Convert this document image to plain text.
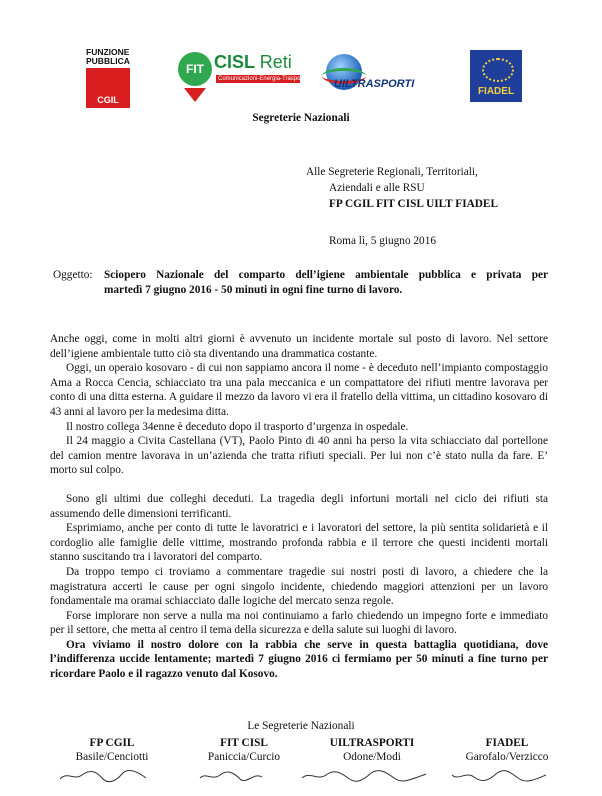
FUNZIONE
PUBBLICA
CGIL
FIT CISL Reti
Comunicazioni-Energia-Trasporti	UILTRASPORTI
FIADEL
Segreterie Nazionali
Alle Segreterie Regionali, Territoriali,
Aziendali e alle RSU
FP CGIL FIT CISL UILT FIADEL
Roma lì, 5 giugno 2016
Oggetto: Sciopero Nazionale del comparto dell’igiene ambientale pubblica e privata per
martedì 7 giugno 2016 - 50 minuti in ogni fine turno di lavoro.

Anche oggi, come in molti altri giorni è avvenuto un incidente mortale sul posto di lavoro. Nel settore dell’igiene ambientale tutto ciò sta diventando una drammatica costante.

Oggi, un operaio kosovaro - di cui non sappiamo ancora il nome - è deceduto nell’impianto compostaggio Ama a Rocca Cencia, schiacciato tra una pala meccanica e un compattatore dei rifiuti mentre lavorava per conto di una ditta esterna. A guidare il mezzo da lavoro vi era il fratello della vittima, un cittadino kosovaro di 43 anni al lavoro per la medesima ditta.

Il nostro collega 34enne è deceduto dopo il trasporto d’urgenza in ospedale.

Il 24 maggio a Civita Castellana (VT), Paolo Pinto di 40 anni ha perso la vita schiacciato dal portellone del camion mentre lavorava in un’azienda che tratta rifiuti speciali. Per lui non c’è stato nulla da fare. E’ morto sul colpo.

Sono gli ultimi due colleghi deceduti. La tragedia degli infortuni mortali nel ciclo dei rifiuti sta assumendo delle dimensioni terrificanti.

Esprimiamo, anche per conto di tutte le lavoratrici e i lavoratori del settore, la più sentita solidarietà e il cordoglio alle famiglie delle vittime, mostrando profonda rabbia e il terrore che questi incidenti mortali stanno suscitando tra i lavoratori del comparto.

Da troppo tempo ci troviamo a commentare tragedie sui nostri posti di lavoro, a chiedere che la magistratura accerti le cause per ogni singolo incidente, chiedendo maggiori attenzioni per un lavoro fondamentale ma oramai schiacciato dalle logiche del mercato senza regole.

Forse implorare non serve a nulla ma noi continuiamo a farlo chiedendo un impegno forte e immediato per il settore, che metta al centro il tema della sicurezza e della salute sui luoghi di lavoro.

Ora viviamo il nostro dolore con la rabbia che serve in questa battaglia quotidiana, dove l’indifferenza uccide lentamente; martedì 7 giugno 2016 ci fermiamo per 50 minuti a fine turno per ricordare Paolo e il ragazzo venuto dal Kosovo.

Le Segreterie Nazionali
FP CGIL
Basile/Cenciotti
FIT CISL
Paniccia/Curcio
UILTRASPORTI
Odone/Modi
FIADEL
Garofalo/Verzicco
